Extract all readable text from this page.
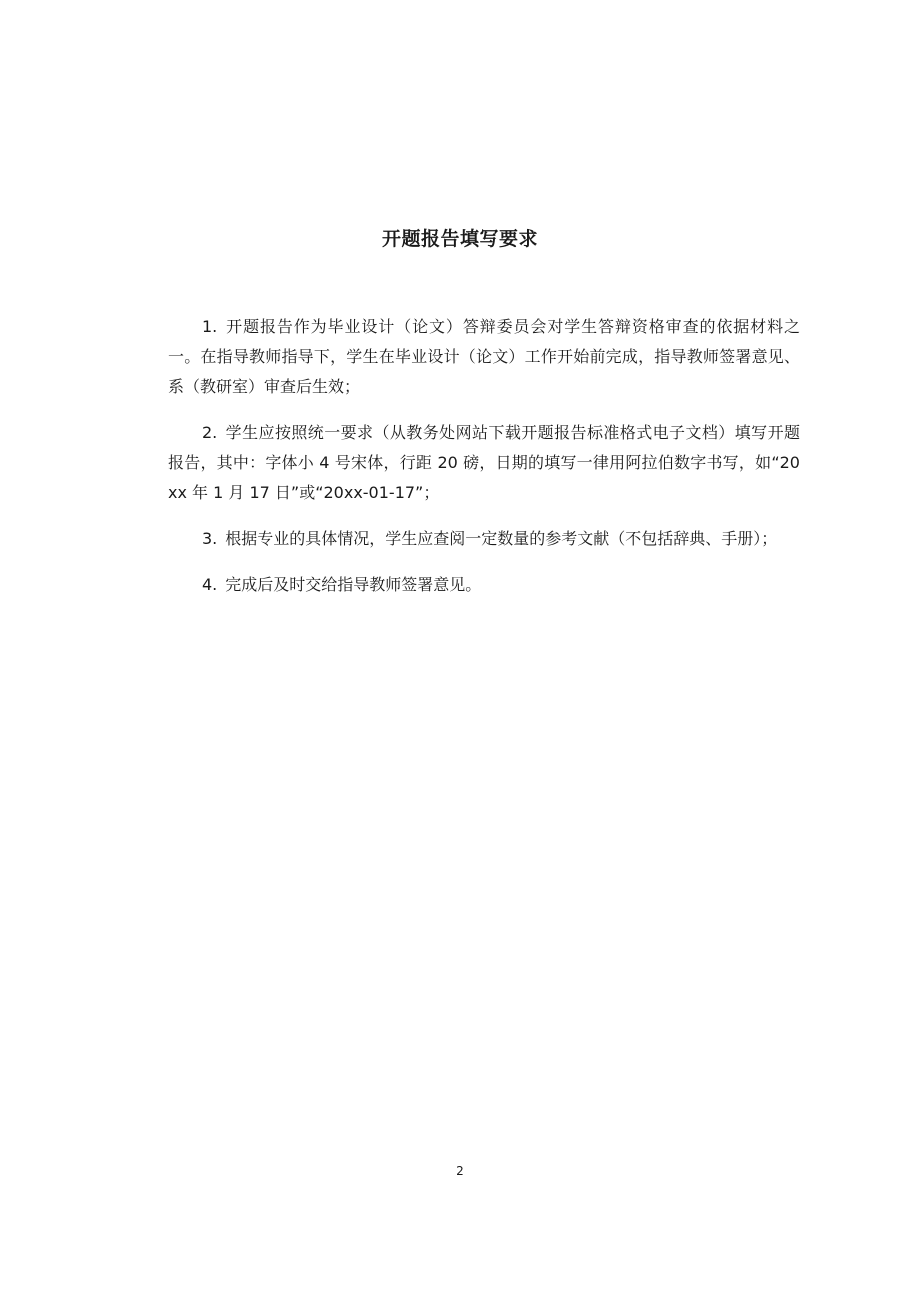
开题报告填写要求
1. 开题报告作为毕业设计（论文）答辩委员会对学生答辩资格审查的依据材料之一。在指导教师指导下，学生在毕业设计（论文）工作开始前完成，指导教师签署意见、系（教研室）审查后生效；
2. 学生应按照统一要求（从教务处网站下载开题报告标准格式电子文档）填写开题报告，其中：字体小 4 号宋体，行距 20 磅，日期的填写一律用阿拉伯数字书写，如“20xx 年 1 月 17 日”或“20xx-01-17”；
3. 根据专业的具体情况，学生应查阅一定数量的参考文献（不包括辞典、手册）；
4. 完成后及时交给指导教师签署意见。
2
